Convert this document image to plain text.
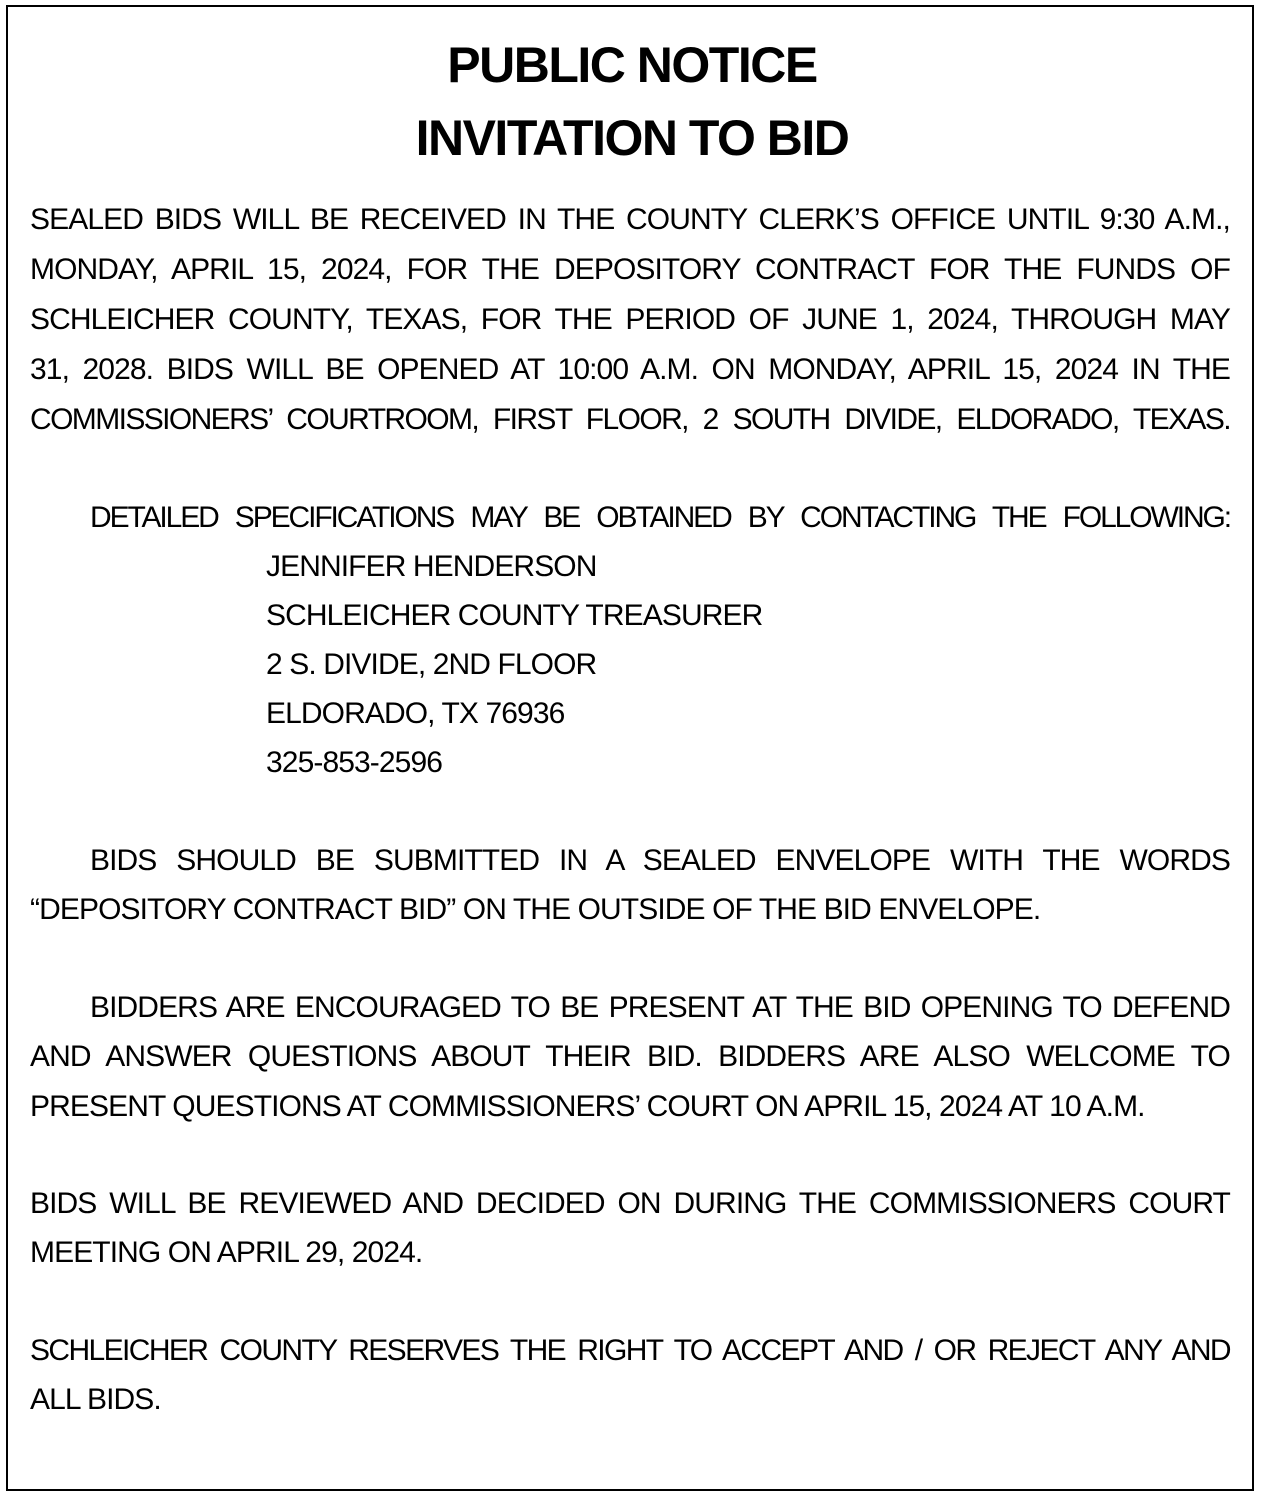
PUBLIC NOTICE
INVITATION TO BID
SEALED BIDS WILL BE RECEIVED IN THE COUNTY CLERK’S OFFICE UNTIL 9:30 A.M.,
MONDAY, APRIL 15, 2024, FOR THE DEPOSITORY CONTRACT FOR THE FUNDS OF
SCHLEICHER COUNTY, TEXAS, FOR THE PERIOD OF JUNE 1, 2024, THROUGH MAY
31, 2028. BIDS WILL BE OPENED AT 10:00 A.M. ON MONDAY, APRIL 15, 2024 IN THE
COMMISSIONERS’ COURTROOM, FIRST FLOOR, 2 SOUTH DIVIDE, ELDORADO, TEXAS.
DETAILED SPECIFICATIONS MAY BE OBTAINED BY CONTACTING THE FOLLOWING:
JENNIFER HENDERSON
SCHLEICHER COUNTY TREASURER
2 S. DIVIDE, 2ND FLOOR
ELDORADO, TX 76936
325-853-2596
BIDS SHOULD BE SUBMITTED IN A SEALED ENVELOPE WITH THE WORDS
“DEPOSITORY CONTRACT BID” ON THE OUTSIDE OF THE BID ENVELOPE.
BIDDERS ARE ENCOURAGED TO BE PRESENT AT THE BID OPENING TO DEFEND
AND ANSWER QUESTIONS ABOUT THEIR BID. BIDDERS ARE ALSO WELCOME TO
PRESENT QUESTIONS AT COMMISSIONERS’ COURT ON APRIL 15, 2024 AT 10 A.M.
BIDS WILL BE REVIEWED AND DECIDED ON DURING THE COMMISSIONERS COURT
MEETING ON APRIL 29, 2024.
SCHLEICHER COUNTY RESERVES THE RIGHT TO ACCEPT AND / OR REJECT ANY AND
ALL BIDS.
